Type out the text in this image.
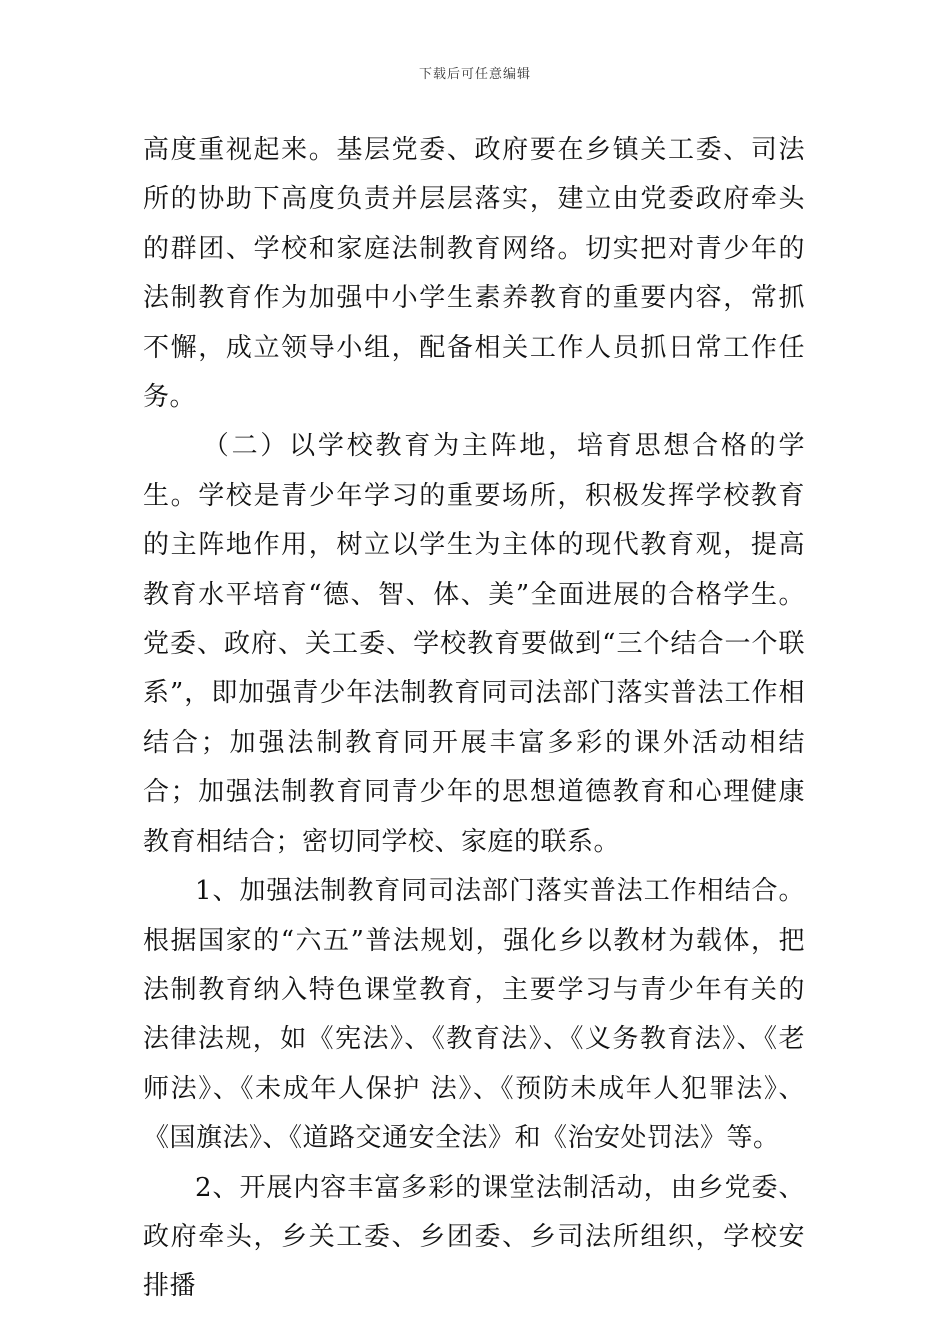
下载后可任意编辑

高度重视起来。基层党委、政府要在乡镇关工委、司法所的协助下高度负责并层层落实，建立由党委政府牵头的群团、学校和家庭法制教育网络。切实把对青少年的法制教育作为加强中小学生素养教育的重要内容，常抓不懈，成立领导小组，配备相关工作人员抓日常工作任务。

（二）以学校教育为主阵地，培育思想合格的学生。学校是青少年学习的重要场所，积极发挥学校教育的主阵地作用，树立以学生为主体的现代教育观，提高教育水平培育“德、智、体、美”全面进展的合格学生。党委、政府、关工委、学校教育要做到“三个结合一个联系”，即加强青少年法制教育同司法部门落实普法工作相结合；加强法制教育同开展丰富多彩的课外活动相结合；加强法制教育同青少年的思想道德教育和心理健康教育相结合；密切同学校、家庭的联系。

1、加强法制教育同司法部门落实普法工作相结合。根据国家的“六五”普法规划，强化乡以教材为载体，把法制教育纳入特色课堂教育，主要学习与青少年有关的法律法规，如《宪法》、《教育法》、《义务教育法》、《老师法》、《未成年人保护 法》、《预防未成年人犯罪法》、《国旗法》、《道路交通安全法》和《治安处罚法》等。

2、开展内容丰富多彩的课堂法制活动，由乡党委、政府牵头，乡关工委、乡团委、乡司法所组织，学校安排播
